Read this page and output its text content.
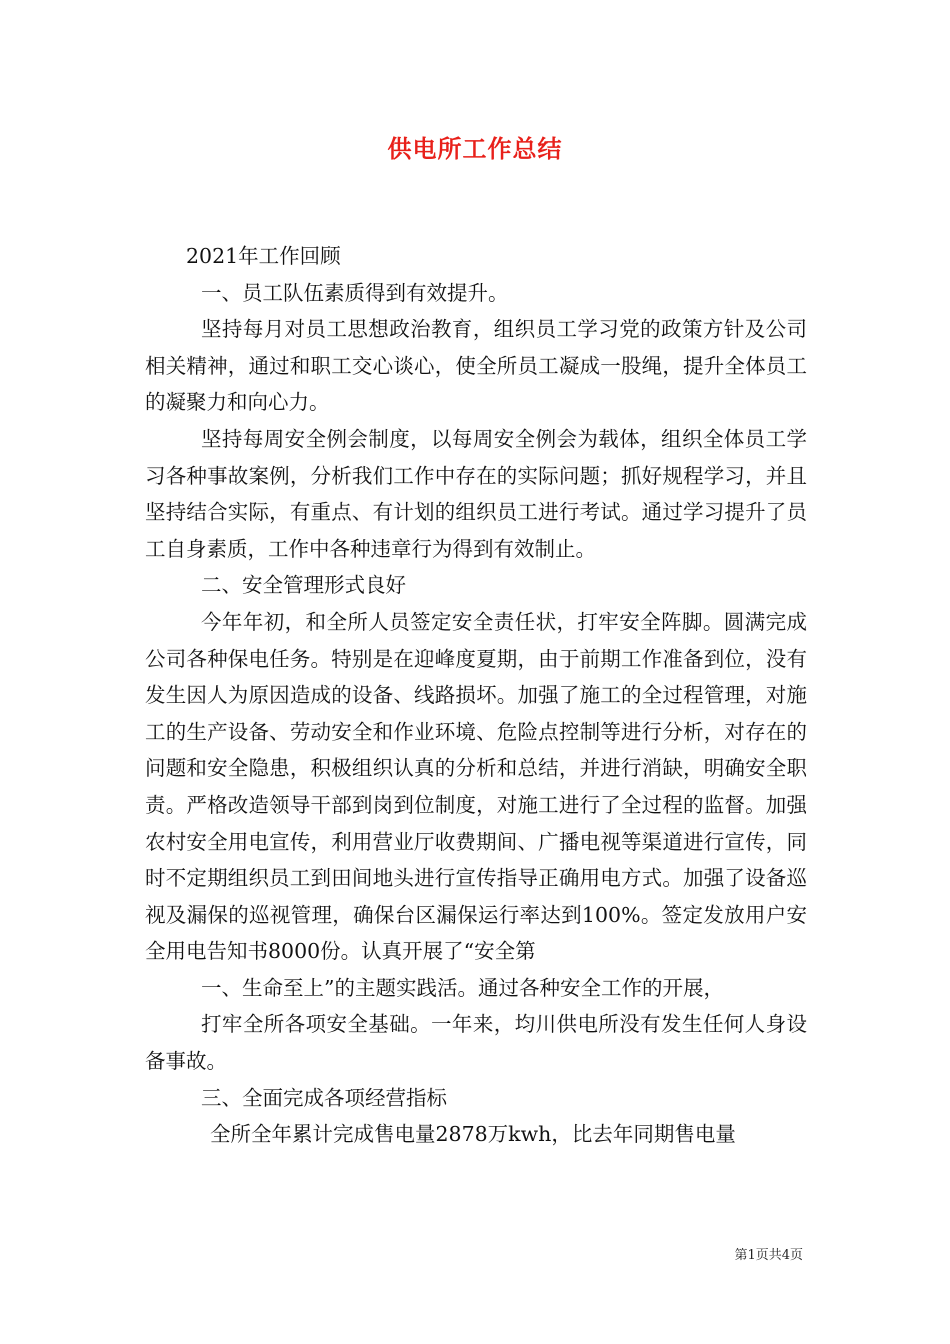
供电所工作总结

2021年工作回顾

一、员工队伍素质得到有效提升。

坚持每月对员工思想政治教育，组织员工学习党的政策方针及公司相关精神，通过和职工交心谈心，使全所员工凝成一股绳，提升全体员工的凝聚力和向心力。

坚持每周安全例会制度，以每周安全例会为载体，组织全体员工学习各种事故案例，分析我们工作中存在的实际问题；抓好规程学习，并且坚持结合实际，有重点、有计划的组织员工进行考试。通过学习提升了员工自身素质，工作中各种违章行为得到有效制止。

二、安全管理形式良好

今年年初，和全所人员签定安全责任状，打牢安全阵脚。圆满完成公司各种保电任务。特别是在迎峰度夏期，由于前期工作准备到位，没有发生因人为原因造成的设备、线路损坏。加强了施工的全过程管理，对施工的生产设备、劳动安全和作业环境、危险点控制等进行分析，对存在的问题和安全隐患，积极组织认真的分析和总结，并进行消缺，明确安全职责。严格改造领导干部到岗到位制度，对施工进行了全过程的监督。加强农村安全用电宣传，利用营业厅收费期间、广播电视等渠道进行宣传，同时不定期组织员工到田间地头进行宣传指导正确用电方式。加强了设备巡视及漏保的巡视管理，确保台区漏保运行率达到100%。签定发放用户安全用电告知书8000份。认真开展了“安全第

一、生命至上”的主题实践活。通过各种安全工作的开展，

打牢全所各项安全基础。一年来，均川供电所没有发生任何人身设备事故。

三、全面完成各项经营指标

全所全年累计完成售电量2878万kwh，比去年同期售电量

第1页共4页
